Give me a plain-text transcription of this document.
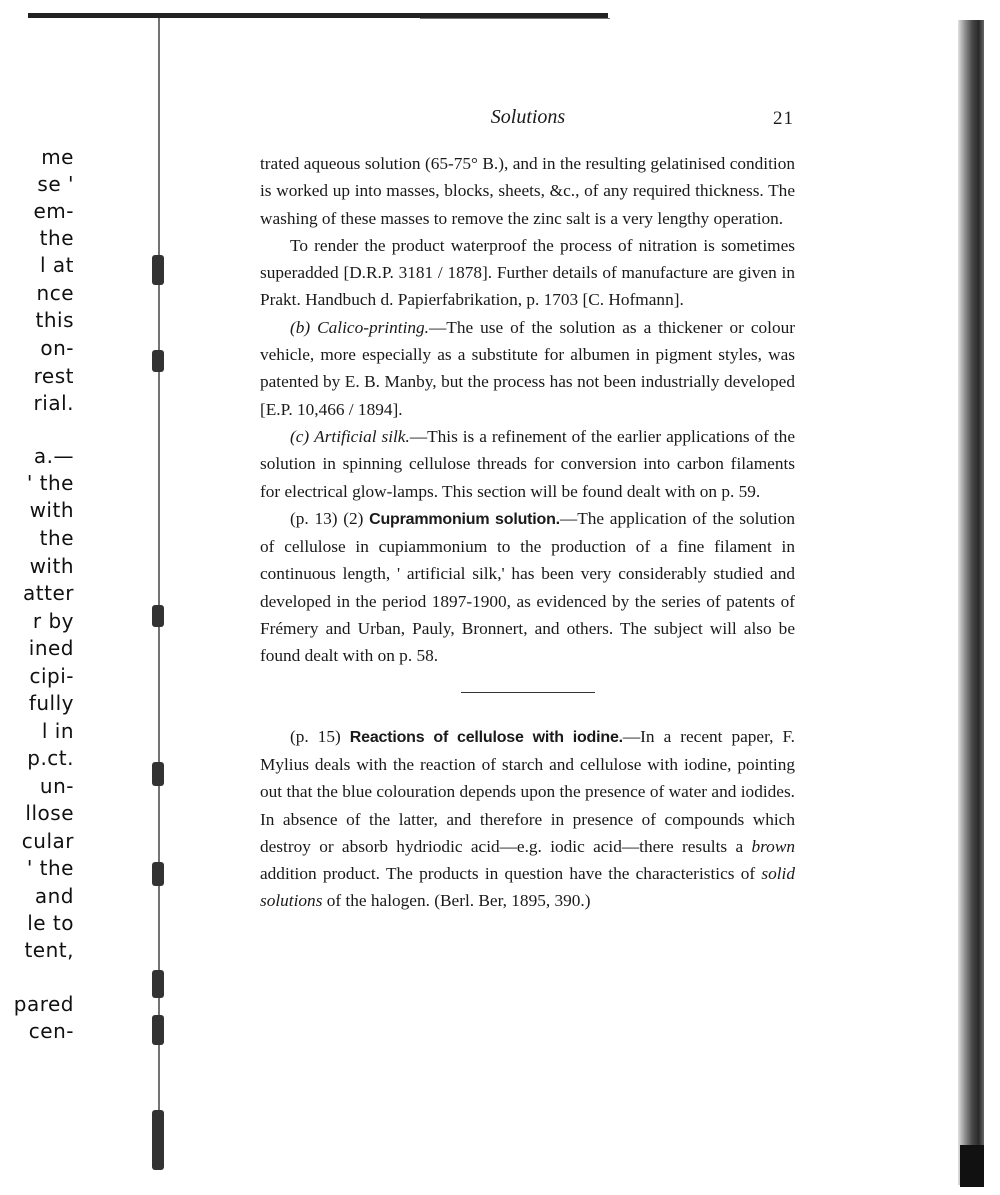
me
se '
em-
the
l at
nce
this
on-
rest
rial.
a.—
' the
with
the
with
atter
r by
ined
cipi-
fully
l in
p.ct.
un-
llose
cular
' the
and
le to
tent,
pared
cen-
Solutions	21

trated aqueous solution (65-75° B.), and in the resulting gelatinised condition is worked up into masses, blocks, sheets, &c., of any required thickness. The washing of these masses to remove the zinc salt is a very lengthy operation.

To render the product waterproof the process of nitration is sometimes superadded [D.R.P. 3181 / 1878]. Further details of manufacture are given in Prakt. Handbuch d. Papierfabrikation, p. 1703 [C. Hofmann].

(b) Calico-printing.—The use of the solution as a thickener or colour vehicle, more especially as a substitute for albumen in pigment styles, was patented by E. B. Manby, but the process has not been industrially developed [E.P. 10,466 / 1894].

(c) Artificial silk.—This is a refinement of the earlier applications of the solution in spinning cellulose threads for conversion into carbon filaments for electrical glow-lamps. This section will be found dealt with on p. 59.

(p. 13) (2) Cuprammonium solution.—The application of the solution of cellulose in cupiammonium to the production of a fine filament in continuous length, ' artificial silk,' has been very considerably studied and developed in the period 1897-1900, as evidenced by the series of patents of Frémery and Urban, Pauly, Bronnert, and others. The subject will also be found dealt with on p. 58.

(p. 15) Reactions of cellulose with iodine.—In a recent paper, F. Mylius deals with the reaction of starch and cellulose with iodine, pointing out that the blue colouration depends upon the presence of water and iodides. In absence of the latter, and therefore in presence of compounds which destroy or absorb hydriodic acid—e.g. iodic acid—there results a brown addition product. The products in question have the characteristics of solid solutions of the halogen. (Berl. Ber, 1895, 390.)
